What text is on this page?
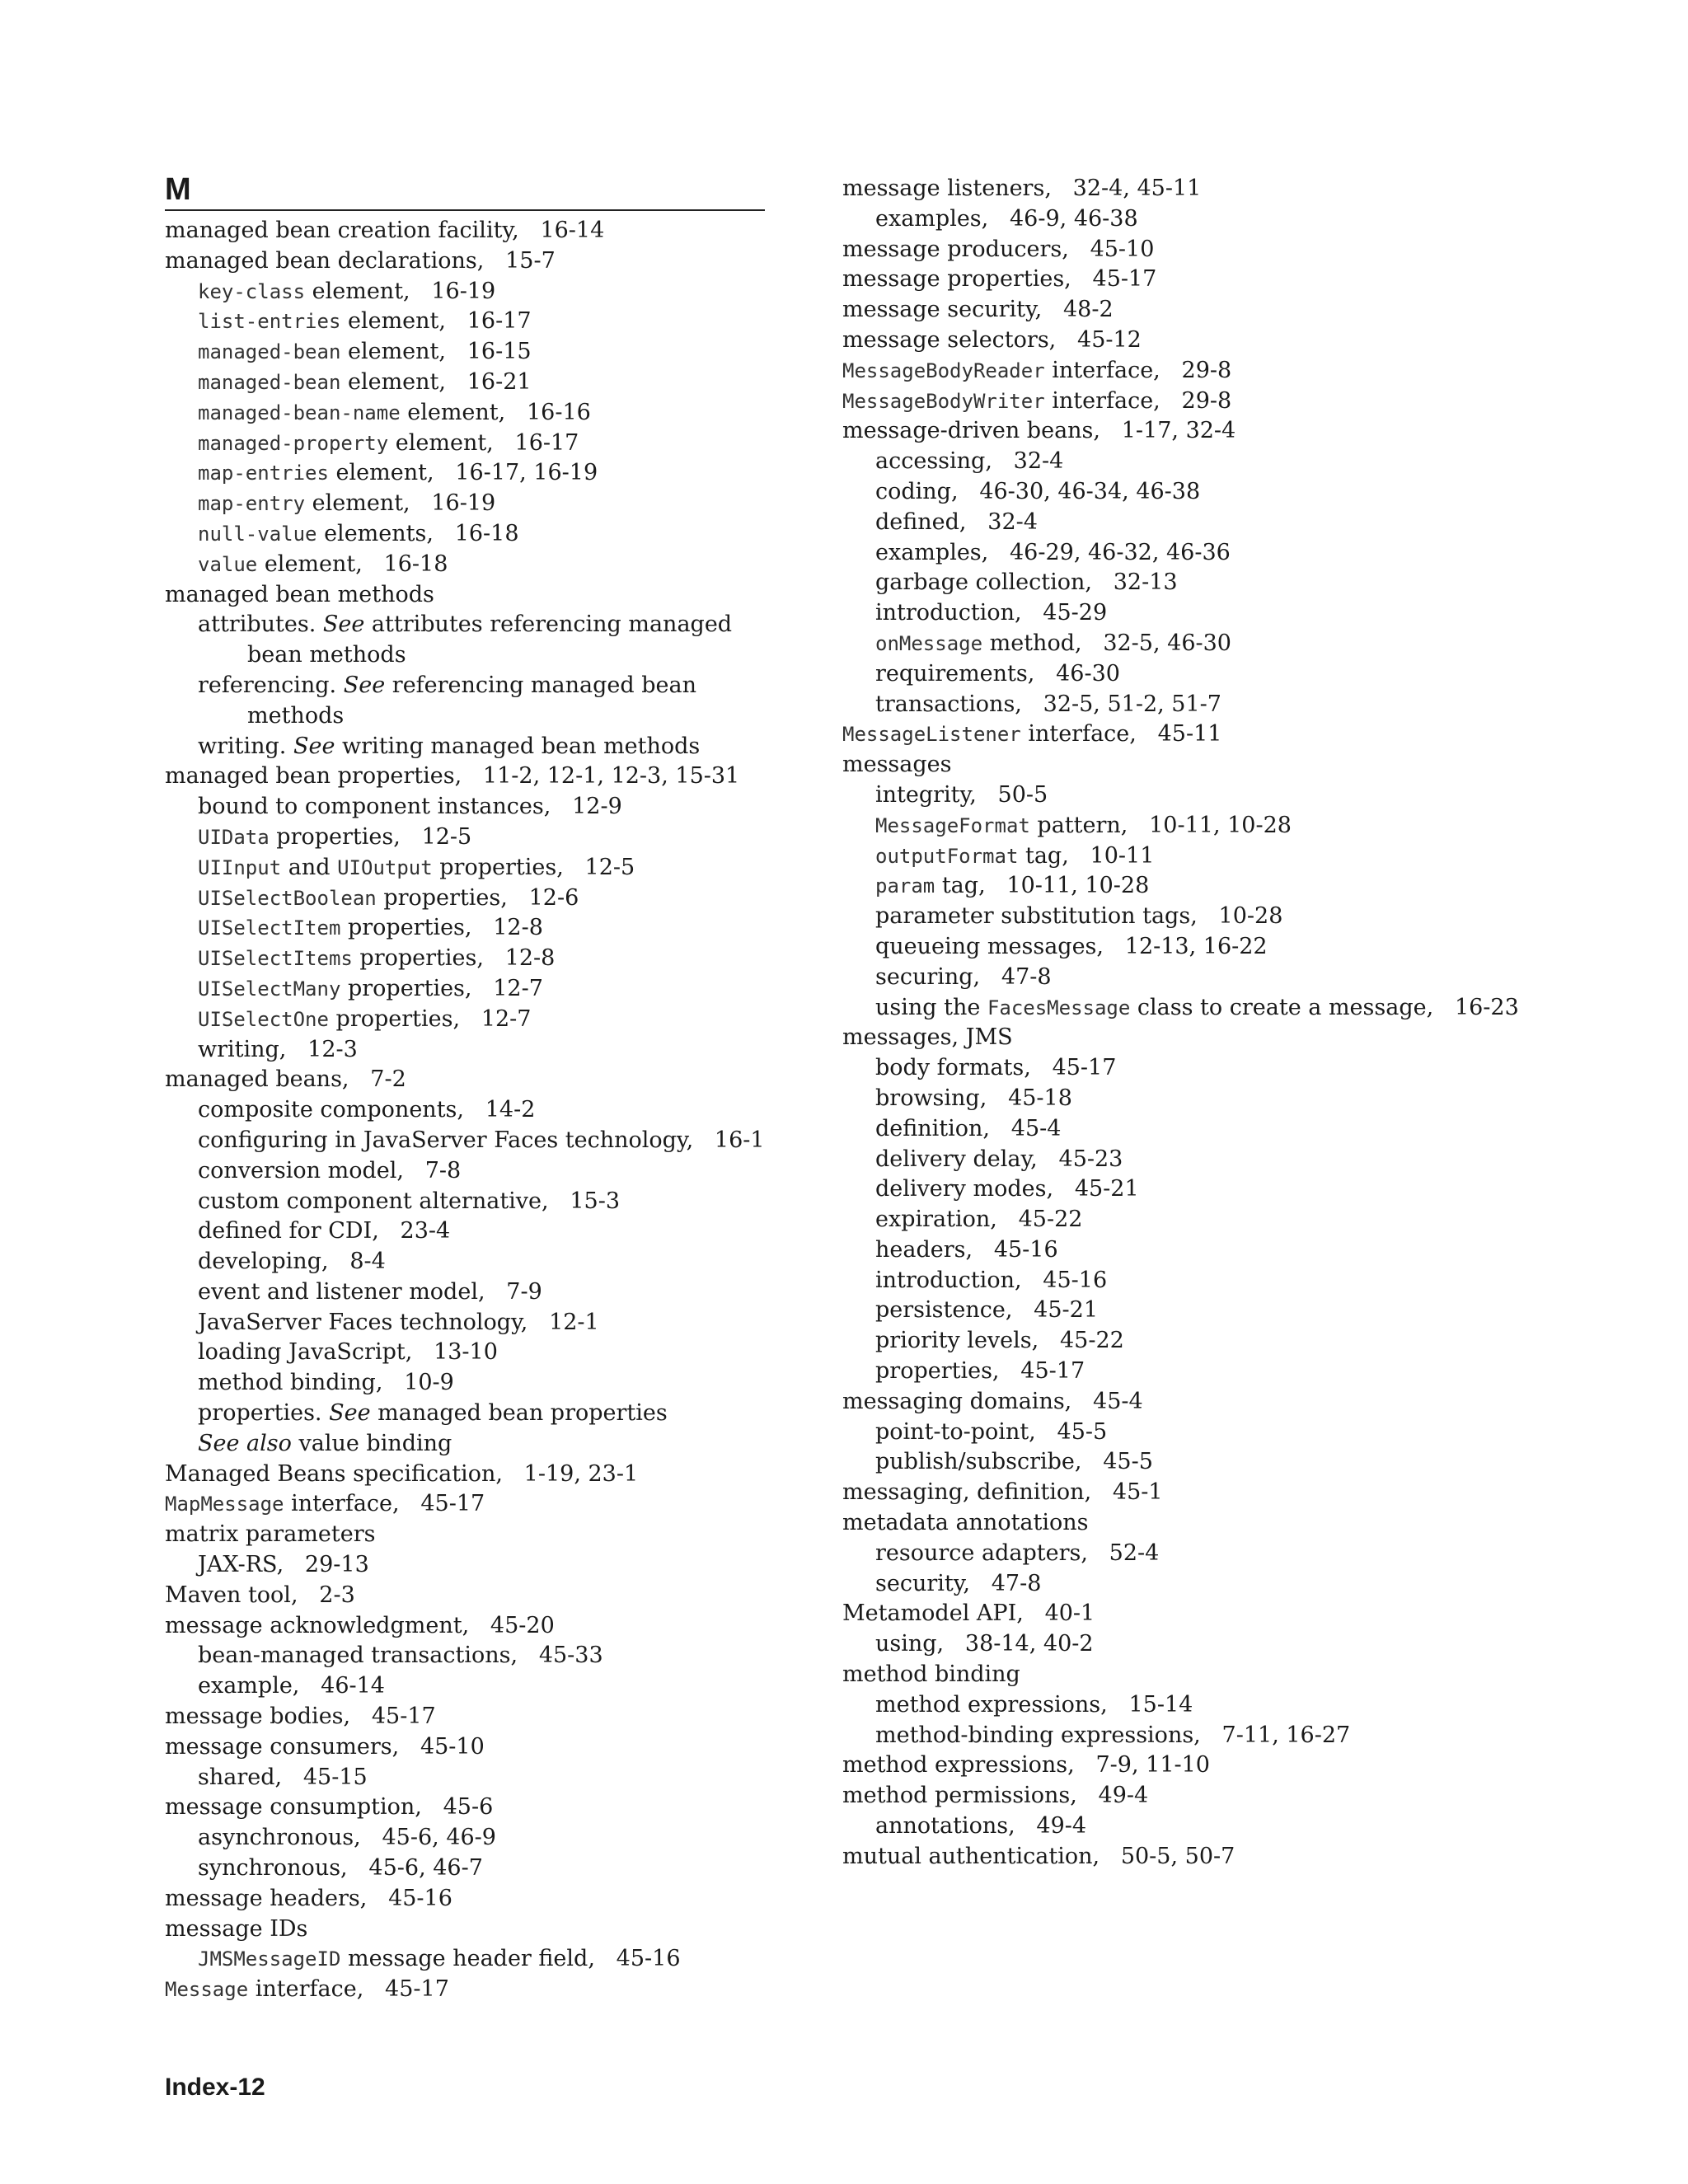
M
managed bean creation facility, 16-14
managed bean declarations, 15-7
key-class element, 16-19
list-entries element, 16-17
managed-bean element, 16-15
managed-bean element, 16-21
managed-bean-name element, 16-16
managed-property element, 16-17
map-entries element, 16-17, 16-19
map-entry element, 16-19
null-value elements, 16-18
value element, 16-18
managed bean methods
attributes. See attributes referencing managed bean methods
referencing. See referencing managed bean methods
writing. See writing managed bean methods
managed bean properties, 11-2, 12-1, 12-3, 15-31
bound to component instances, 12-9
UIData properties, 12-5
UIInput and UIOutput properties, 12-5
UISelectBoolean properties, 12-6
UISelectItem properties, 12-8
UISelectItems properties, 12-8
UISelectMany properties, 12-7
UISelectOne properties, 12-7
writing, 12-3
managed beans, 7-2
composite components, 14-2
configuring in JavaServer Faces technology, 16-1
conversion model, 7-8
custom component alternative, 15-3
defined for CDI, 23-4
developing, 8-4
event and listener model, 7-9
JavaServer Faces technology, 12-1
loading JavaScript, 13-10
method binding, 10-9
properties. See managed bean properties
See also value binding
Managed Beans specification, 1-19, 23-1
MapMessage interface, 45-17
matrix parameters
JAX-RS, 29-13
Maven tool, 2-3
message acknowledgment, 45-20
bean-managed transactions, 45-33
example, 46-14
message bodies, 45-17
message consumers, 45-10
shared, 45-15
message consumption, 45-6
asynchronous, 45-6, 46-9
synchronous, 45-6, 46-7
message headers, 45-16
message IDs
JMSMessageID message header field, 45-16
Message interface, 45-17
message listeners, 32-4, 45-11
examples, 46-9, 46-38
message producers, 45-10
message properties, 45-17
message security, 48-2
message selectors, 45-12
MessageBodyReader interface, 29-8
MessageBodyWriter interface, 29-8
message-driven beans, 1-17, 32-4
accessing, 32-4
coding, 46-30, 46-34, 46-38
defined, 32-4
examples, 46-29, 46-32, 46-36
garbage collection, 32-13
introduction, 45-29
onMessage method, 32-5, 46-30
requirements, 46-30
transactions, 32-5, 51-2, 51-7
MessageListener interface, 45-11
messages
integrity, 50-5
MessageFormat pattern, 10-11, 10-28
outputFormat tag, 10-11
param tag, 10-11, 10-28
parameter substitution tags, 10-28
queueing messages, 12-13, 16-22
securing, 47-8
using the FacesMessage class to create a message, 16-23
messages, JMS
body formats, 45-17
browsing, 45-18
definition, 45-4
delivery delay, 45-23
delivery modes, 45-21
expiration, 45-22
headers, 45-16
introduction, 45-16
persistence, 45-21
priority levels, 45-22
properties, 45-17
messaging domains, 45-4
point-to-point, 45-5
publish/subscribe, 45-5
messaging, definition, 45-1
metadata annotations
resource adapters, 52-4
security, 47-8
Metamodel API, 40-1
using, 38-14, 40-2
method binding
method expressions, 15-14
method-binding expressions, 7-11, 16-27
method expressions, 7-9, 11-10
method permissions, 49-4
annotations, 49-4
mutual authentication, 50-5, 50-7
Index-12
